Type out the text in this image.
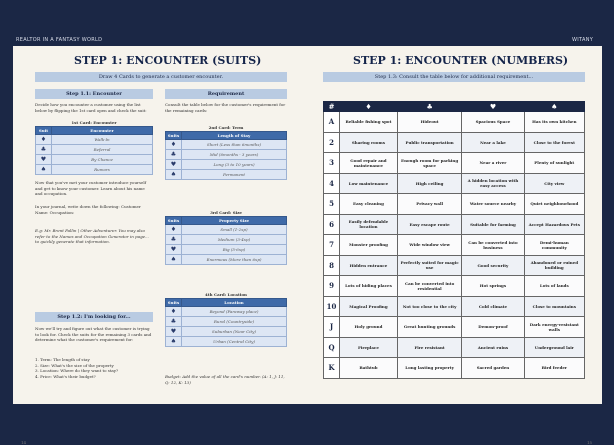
REALTOR IN A FANTASY WORLD	WITANY
STEP 1: ENCOUNTER (SUITS)
Draw 4 Cards to generate a customer encounter.
Step 1.1: Encounter
Decide how you encounter a customer using the list below by flipping the 1st card open and check the suit:
1st Card: Encounter
Suit	Encounter
♦	Walk-In
♣	Referral
♥	By Chance
♠	Rumors
Now that you've met your customer introduce yourself and get to know your customer. Learn about his name and occupation.
In your journal, write down the following: Customer Name: Occupation:
E.g: Mr. Brent Fallin | Other Adventurer. You may also refer to the Names and Occupation Generator in page... to quickly generate that information.
Step 1.2: I'm looking for...
Now we'll try and figure out what the customer is trying to look for. Check the suits for the remaining 3 cards and determine what the customer's requirement for:
1. Term: The length of stay
2. Size: What's the size of the property
3. Location: Where do they want to stay?
4. Price: What's their budget?
Requirement
Consult the table below for the customer's requirement for the remaining cards:
2nd Card: Term
Suits	Length of Stay
♦	Short (Less than 6months)
♣	Mid (6months - 3 years)
♥	Long (3 to 10 years)
♠	Permanent
3rd Card: Size
Suits	Property Size
♦	Small (1-2xp)
♣	Medium (3-4xp)
♥	Big (5-6xp)
♠	Enormous (More than 6xp)
4th Card: Location
Suits	Location
♦	Beyond (Faraway place)
♣	Rural (Countryside)
♥	Suburban (Near City)
♠	Urban (Central City)
Budget: Add the value of all the card's number. (A: 1, J: 11, Q: 12, K: 13)
14
STEP 1: ENCOUNTER (NUMBERS)
Step 1.3: Consult the table below for additional requirement...
#	♦	♣	♥	♠
A	Reliable fishing spot	Hideout	Spacious Space	Has its own kitchen
2	Sharing rooms	Public transportation	Near a lake	Close to the forest
3	Good repair and maintenance	Enough room for parking space	Near a river	Plenty of sunlight
4	Low maintenance	High ceiling	A hidden location with easy access	City view
5	Easy cleaning	Privacy wall	Water source nearby	Quiet neighbourhood
6	Easily defendable location	Easy escape route	Suitable for farming	Accept Hazardous Pets
7	Monster proofing	Wide window view	Can be converted into business	Demi-human community
8	Hidden entrance	Perfectly suited for magic use	Good security	Abandoned or ruined building
9	Lots of hiding places	Can be converted into residential	Hot springs	Lots of lands
10	Magical Proofing	Not too close to the city	Cold climate	Close to mountains
J	Holy ground	Great hunting grounds	Demon-proof	Dark energy-resistant walls
Q	Fireplace	Fire resistant	Ancient ruins	Underground lair
K	Bathtub	Long lasting property	Sacred garden	Bird feeder
15
